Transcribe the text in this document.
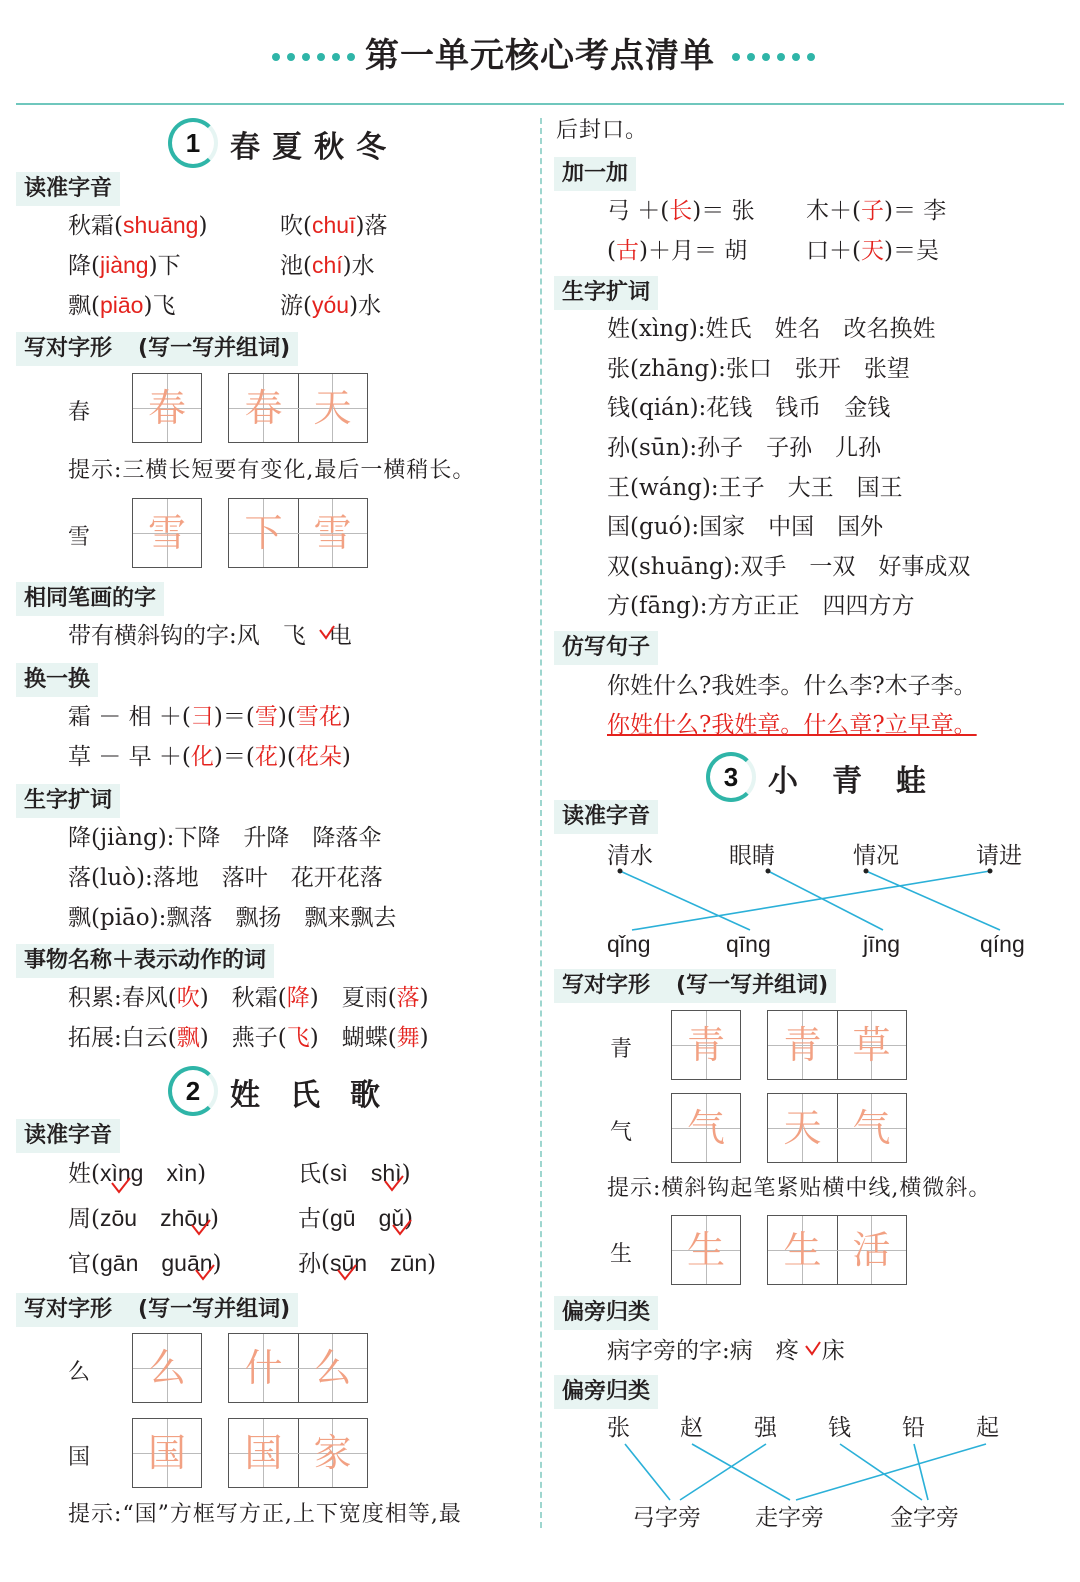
第一单元核心考点清单
1 春夏秋冬
读准字音
秋霜(shuāng)	吹(chuī)落
降(jiàng)下	池(chí)水
飘(piāo)飞	游(yóu)水
写对字形 (写一写并组词)
春	春	春 天
提示:三横长短要有变化,最后一横稍长。
雪	雪	下 雪
相同笔画的字
带有横斜钩的字:风　飞　电
换一换
霜 － 相 ＋(彐)＝(雪)(雪花)
草 － 早 ＋(化)＝(花)(花朵)
生字扩词
降(jiàng):下降　升降　降落伞
落(luò):落地　落叶　花开花落
飘(piāo):飘落　飘扬　飘来飘去
事物名称＋表示动作的词
积累:春风(吹)　秋霜(降)　夏雨(落)
拓展:白云(飘)　燕子(飞)　蝴蝶(舞)
2 姓氏歌
读准字音
姓(xìng　 xìn)	氏(sì　 shì)
周(zōu　 zhōu)	古(gū　 gǔ)
官(gān　 guān)	孙(sūn　 zūn)
写对字形 (写一写并组词)
么	么	什 么
国	国	国 家
提示:“国”方框写方正,上下宽度相等,最
后封口。
加一加
弓 ＋(长)＝ 张 木＋(子)＝ 李
(古)＋月＝ 胡	口＋(天)＝吴
生字扩词
姓(xìng):姓氏　姓名　改名换姓
张(zhāng):张口　张开　张望
钱(qián):花钱　钱币　金钱
孙(sūn):孙子　子孙　儿孙
王(wáng):王子　大王　国王
国(guó):国家　中国　国外
双(shuāng):双手　一双　好事成双
方(fāng):方方正正　四四方方
仿写句子
你姓什么?我姓李。什么李?木子李。
你姓什么?我姓章。什么章?立早章。
3 小青蛙
读准字音
清水	眼睛	情况	请进
qǐng	qīng	jīng	qíng
写对字形 (写一写并组词)
青	青	青 草
气	气	天 气
提示:横斜钩起笔紧贴横中线,横微斜。
生	生	生 活
偏旁归类
病字旁的字:病　疼　床
偏旁归类
张 赵 强 钱 铅 起
弓字旁 走字旁	金字旁
